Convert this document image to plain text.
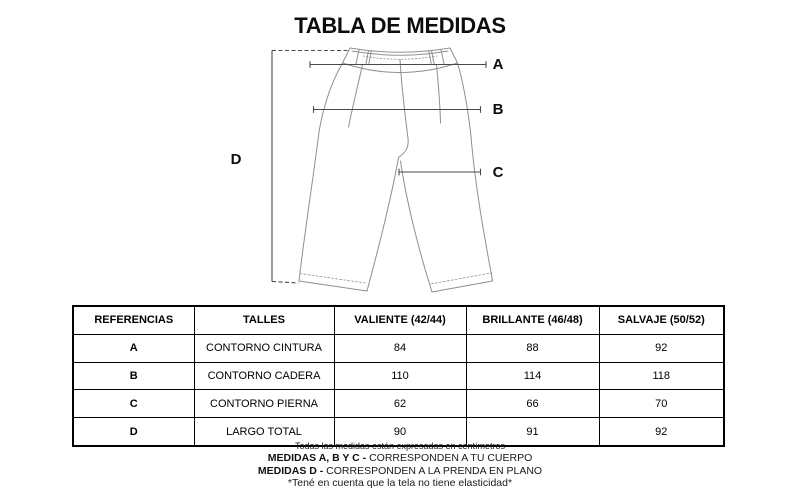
TABLA DE MEDIDAS
A
B
C
D
REFERENCIAS	TALLES	VALIENTE (42/44)	BRILLANTE (46/48)	SALVAJE (50/52)
A	CONTORNO CINTURA	84	88	92
B	CONTORNO CADERA	110	114	118
C	CONTORNO PIERNA	62	66	70
D	LARGO TOTAL	90	91	92
Todas las medidas están expresadas en centímetros
MEDIDAS A, B Y C - CORRESPONDEN A TU CUERPO
MEDIDAS D - CORRESPONDEN A LA PRENDA EN PLANO
*Tené en cuenta que la tela no tiene elasticidad*
